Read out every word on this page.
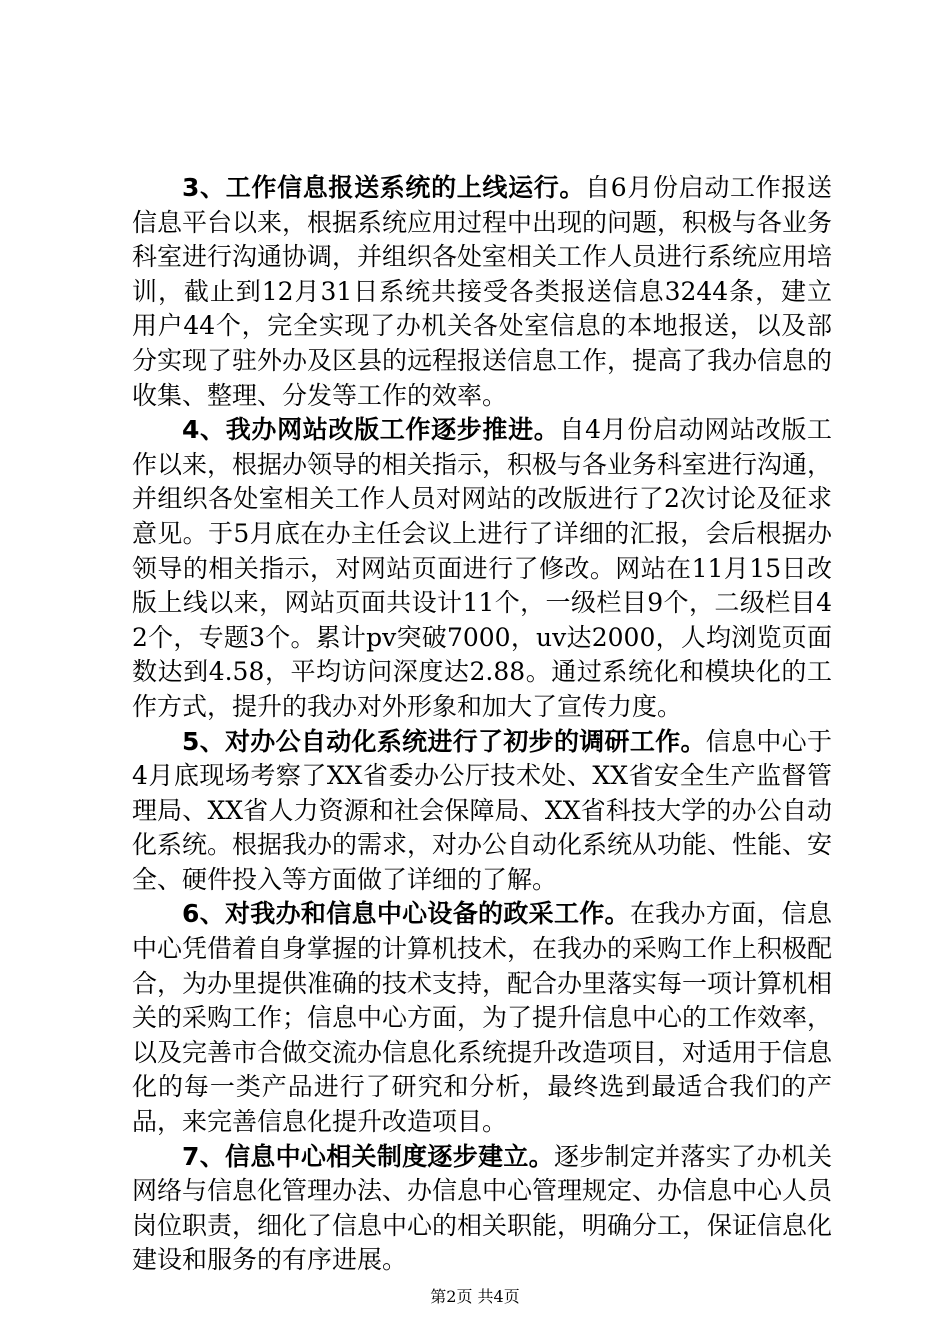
3、工作信息报送系统的上线运行。自6月份启动工作报送信息平台以来，根据系统应用过程中出现的问题，积极与各业务科室进行沟通协调，并组织各处室相关工作人员进行系统应用培训，截止到12月31日系统共接受各类报送信息3244条，建立用户44个，完全实现了办机关各处室信息的本地报送，以及部分实现了驻外办及区县的远程报送信息工作，提高了我办信息的收集、整理、分发等工作的效率。

4、我办网站改版工作逐步推进。自4月份启动网站改版工作以来，根据办领导的相关指示，积极与各业务科室进行沟通，并组织各处室相关工作人员对网站的改版进行了2次讨论及征求意见。于5月底在办主任会议上进行了详细的汇报，会后根据办领导的相关指示，对网站页面进行了修改。网站在11月15日改版上线以来，网站页面共设计11个，一级栏目9个，二级栏目42个，专题3个。累计pv突破7000，uv达2000，人均浏览页面数达到4.58，平均访问深度达2.88。通过系统化和模块化的工作方式，提升的我办对外形象和加大了宣传力度。

5、对办公自动化系统进行了初步的调研工作。信息中心于4月底现场考察了XX省委办公厅技术处、XX省安全生产监督管理局、XX省人力资源和社会保障局、XX省科技大学的办公自动化系统。根据我办的需求，对办公自动化系统从功能、性能、安全、硬件投入等方面做了详细的了解。

6、对我办和信息中心设备的政采工作。在我办方面，信息中心凭借着自身掌握的计算机技术，在我办的采购工作上积极配合，为办里提供准确的技术支持，配合办里落实每一项计算机相关的采购工作；信息中心方面，为了提升信息中心的工作效率，以及完善市合做交流办信息化系统提升改造项目，对适用于信息化的每一类产品进行了研究和分析，最终选到最适合我们的产品，来完善信息化提升改造项目。

7、信息中心相关制度逐步建立。逐步制定并落实了办机关网络与信息化管理办法、办信息中心管理规定、办信息中心人员岗位职责，细化了信息中心的相关职能，明确分工，保证信息化建设和服务的有序进展。

第2页 共4页
